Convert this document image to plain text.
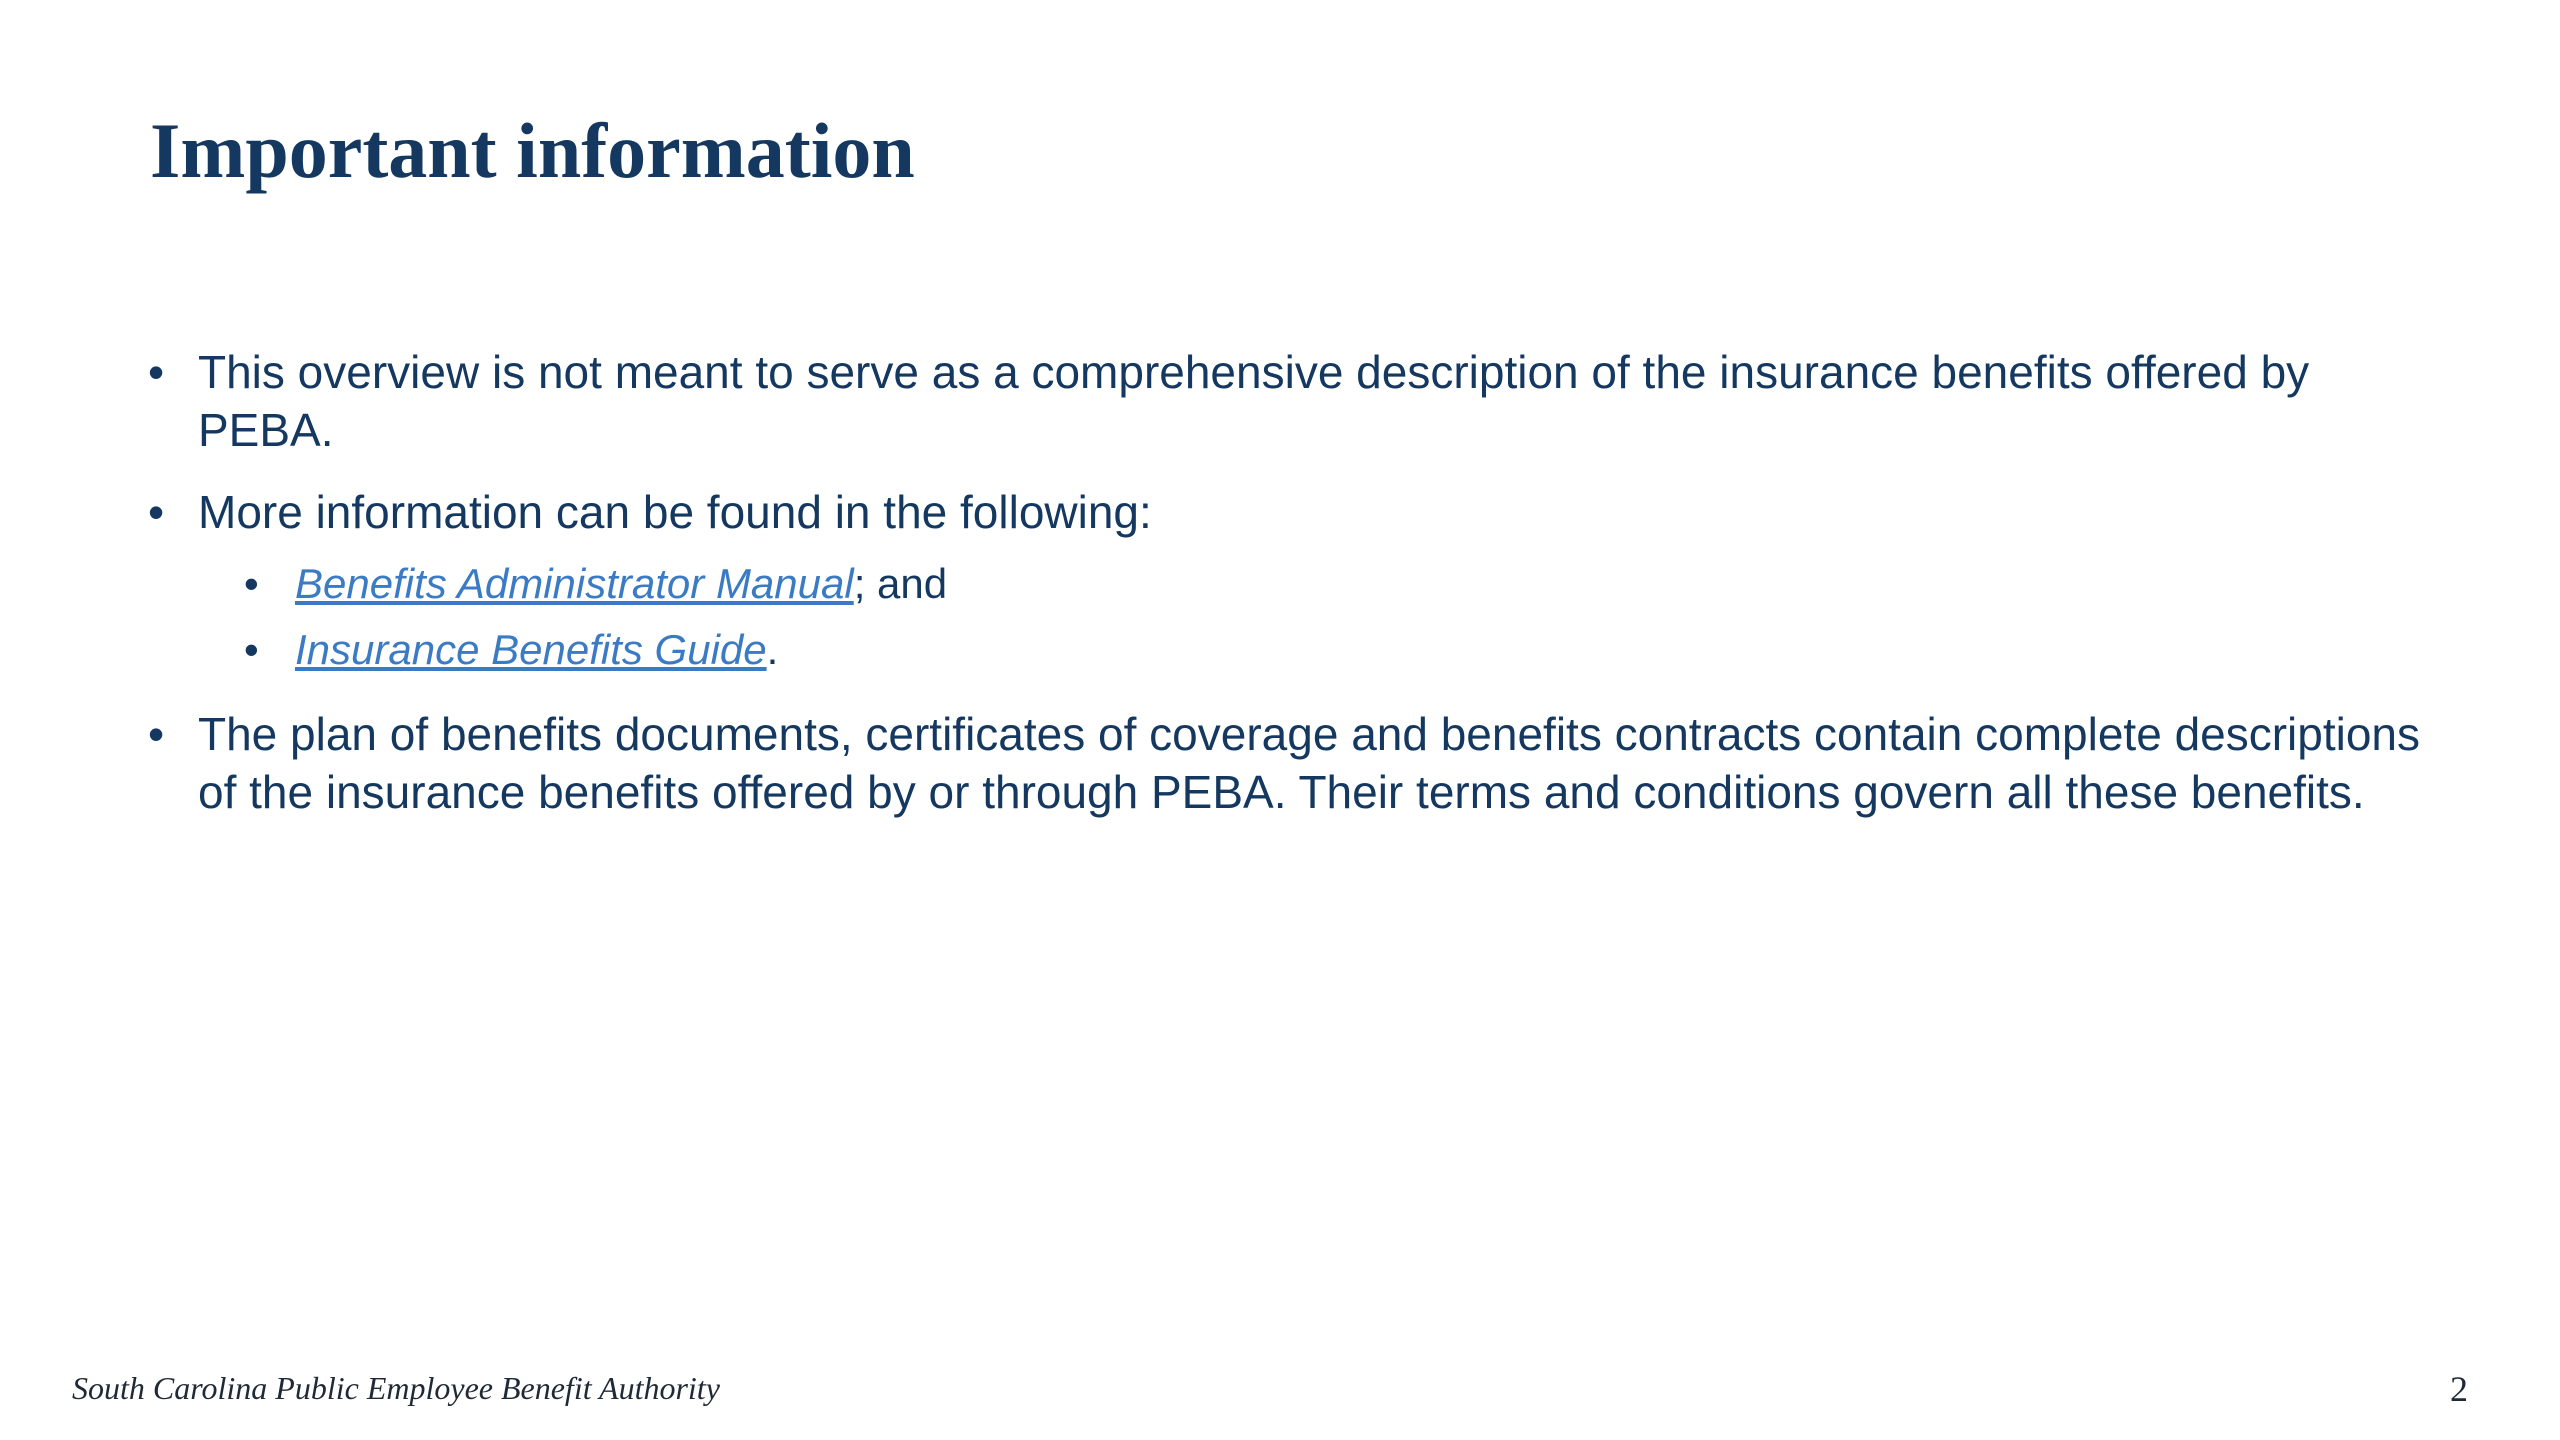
Important information
• This overview is not meant to serve as a comprehensive description of the insurance benefits offered by PEBA.
• More information can be found in the following:
• Benefits Administrator Manual; and
• Insurance Benefits Guide.
• The plan of benefits documents, certificates of coverage and benefits contracts contain complete descriptions of the insurance benefits offered by or through PEBA. Their terms and conditions govern all these benefits.
South Carolina Public Employee Benefit Authority	2
